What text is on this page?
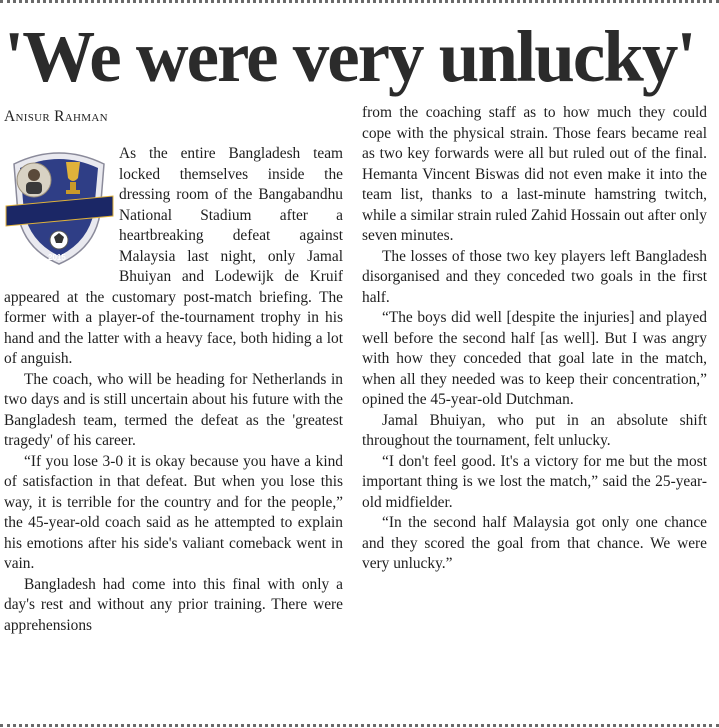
'We were very unlucky'
Anisur Rahman
2015

As the entire Bangladesh team locked themselves inside the dressing room of the Bangabandhu National Stadium after a heartbreaking defeat against Malaysia last night, only Jamal Bhuiyan and Lodewijk de Kruif appeared at the customary post-match briefing. The former with a player-of the-tournament trophy in his hand and the latter with a heavy face, both hiding a lot of anguish.

The coach, who will be heading for Netherlands in two days and is still uncertain about his future with the Bangladesh team, termed the defeat as the 'greatest tragedy' of his career.

“If you lose 3-0 it is okay because you have a kind of satisfaction in that defeat. But when you lose this way, it is terrible for the country and for the people,” the 45-year-old coach said as he attempted to explain his emotions after his side's valiant comeback went in vain.

Bangladesh had come into this final with only a day's rest and without any prior training. There were apprehensions

from the coaching staff as to how much they could cope with the physical strain. Those fears became real as two key forwards were all but ruled out of the final. Hemanta Vincent Biswas did not even make it into the team list, thanks to a last-minute hamstring twitch, while a similar strain ruled Zahid Hossain out after only seven minutes.

The losses of those two key players left Bangladesh disorganised and they conceded two goals in the first half.

“The boys did well [despite the injuries] and played well before the second half [as well]. But I was angry with how they conceded that goal late in the match, when all they needed was to keep their concentration,” opined the 45-year-old Dutchman.

Jamal Bhuiyan, who put in an absolute shift throughout the tournament, felt unlucky.

“I don't feel good. It's a victory for me but the most important thing is we lost the match,” said the 25-year-old midfielder.

“In the second half Malaysia got only one chance and they scored the goal from that chance. We were very unlucky.”
